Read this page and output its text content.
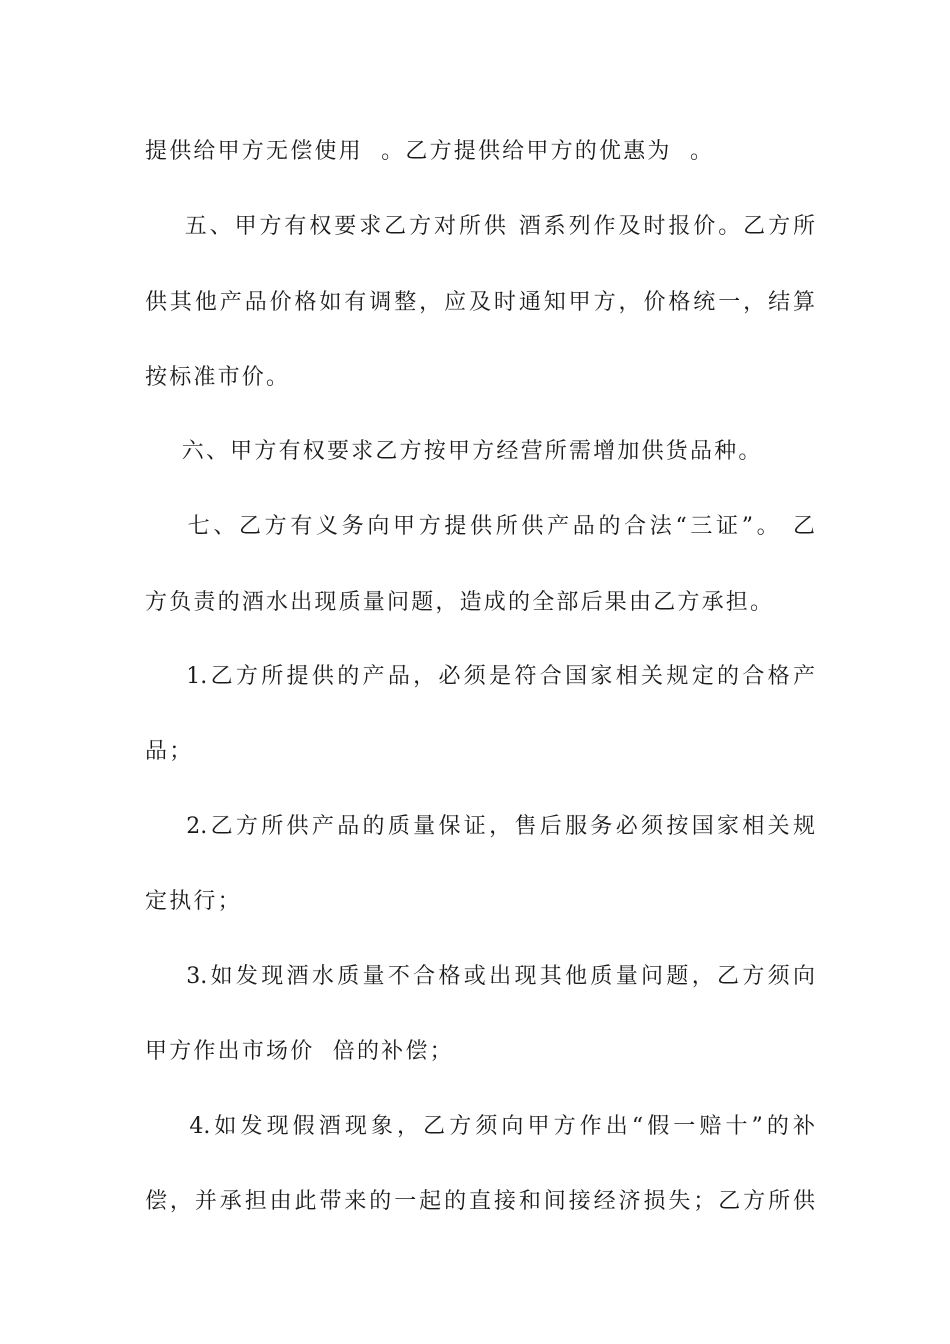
提供给甲方无偿使用  。乙方提供给甲方的优惠为  。
五、甲方有权要求乙方对所供 酒系列作及时报价。乙方所
供其他产品价格如有调整，应及时通知甲方，价格统一，结算
按标准市价。
六、甲方有权要求乙方按甲方经营所需增加供货品种。
七、乙方有义务向甲方提供所供产品的合法“三证”。 乙
方负责的酒水出现质量问题，造成的全部后果由乙方承担。
1.乙方所提供的产品，必须是符合国家相关规定的合格产
品；
2.乙方所供产品的质量保证，售后服务必须按国家相关规
定执行；
3.如发现酒水质量不合格或出现其他质量问题，乙方须向
甲方作出市场价  倍的补偿；
4.如发现假酒现象，乙方须向甲方作出“假一赔十”的补
偿，并承担由此带来的一起的直接和间接经济损失；乙方所供
